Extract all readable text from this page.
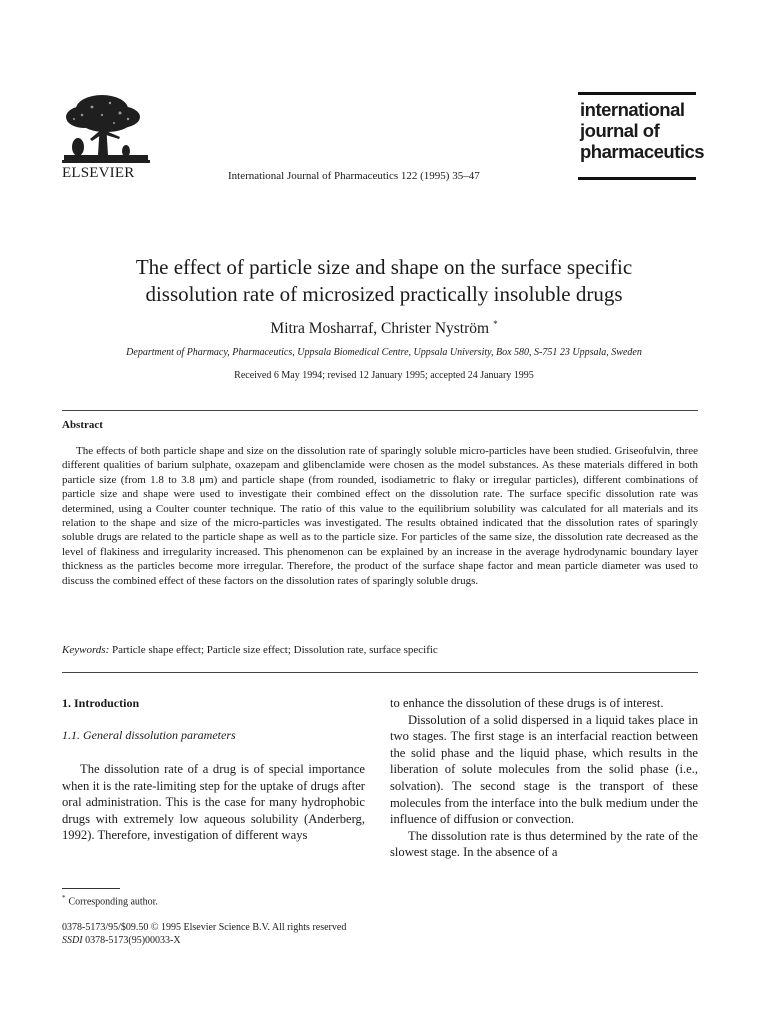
ELSEVIER	International Journal of Pharmaceutics 122 (1995) 35–47
international
journal of
pharmaceutics
The effect of particle size and shape on the surface specific
dissolution rate of microsized practically insoluble drugs
Mitra Mosharraf, Christer Nyström *
Department of Pharmacy, Pharmaceutics, Uppsala Biomedical Centre, Uppsala University, Box 580, S-751 23 Uppsala, Sweden
Received 6 May 1994; revised 12 January 1995; accepted 24 January 1995
Abstract
The effects of both particle shape and size on the dissolution rate of sparingly soluble micro-particles have been studied. Griseofulvin, three different qualities of barium sulphate, oxazepam and glibenclamide were chosen as the model substances. As these materials differed in both particle size (from 1.8 to 3.8 μm) and particle shape (from rounded, isodiametric to flaky or irregular particles), different combinations of particle size and shape were used to investigate their combined effect on the dissolution rate. The surface specific dissolution rate was determined, using a Coulter counter technique. The ratio of this value to the equilibrium solubility was calculated for all materials and its relation to the shape and size of the micro-particles was investigated. The results obtained indicated that the dissolution rates of sparingly soluble drugs are related to the particle shape as well as to the particle size. For particles of the same size, the dissolution rate decreased as the level of flakiness and irregularity increased. This phenomenon can be explained by an increase in the average hydrodynamic boundary layer thickness as the particles become more irregular. Therefore, the product of the surface shape factor and mean particle diameter was used to discuss the combined effect of these factors on the dissolution rates of sparingly soluble drugs.
Keywords: Particle shape effect; Particle size effect; Dissolution rate, surface specific
1. Introduction
1.1. General dissolution parameters
The dissolution rate of a drug is of special importance when it is the rate-limiting step for the uptake of drugs after oral administration. This is the case for many hydrophobic drugs with extremely low aqueous solubility (Anderberg, 1992). Therefore, investigation of different ways
to enhance the dissolution of these drugs is of interest.
Dissolution of a solid dispersed in a liquid takes place in two stages. The first stage is an interfacial reaction between the solid phase and the liquid phase, which results in the liberation of solute molecules from the solid phase (i.e., solvation). The second stage is the transport of these molecules from the interface into the bulk medium under the influence of diffusion or convection.
The dissolution rate is thus determined by the rate of the slowest stage. In the absence of a
* Corresponding author.
0378-5173/95/$09.50 © 1995 Elsevier Science B.V. All rights reserved
SSDI 0378-5173(95)00033-X
